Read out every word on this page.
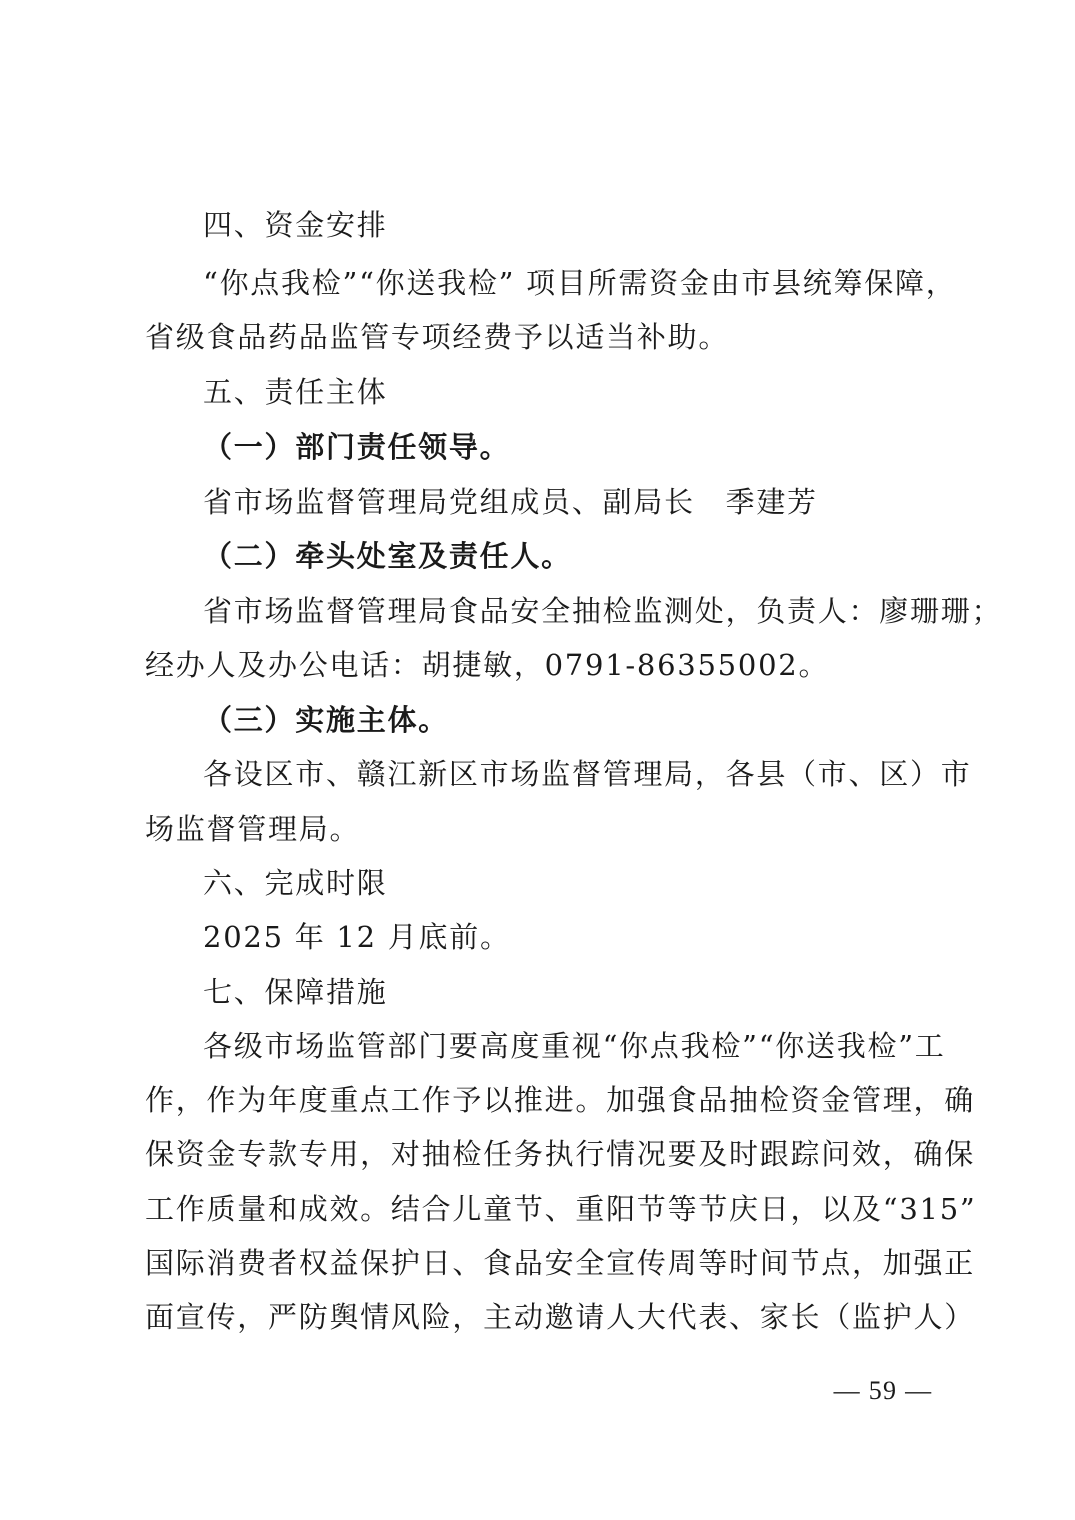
四、资金安排
“你点我检”“你送我检” 项目所需资金由市县统筹保障，
省级食品药品监管专项经费予以适当补助。
五、责任主体
（一）部门责任领导。
省市场监督管理局党组成员、副局长　季建芳
（二）牵头处室及责任人。
省市场监督管理局食品安全抽检监测处，负责人：廖珊珊；
经办人及办公电话：胡捷敏，0791-86355002。
（三）实施主体。
各设区市、赣江新区市场监督管理局，各县（市、区）市
场监督管理局。
六、完成时限
2025 年 12 月底前。
七、保障措施
各级市场监管部门要高度重视“你点我检”“你送我检”工
作，作为年度重点工作予以推进。加强食品抽检资金管理，确
保资金专款专用，对抽检任务执行情况要及时跟踪问效，确保
工作质量和成效。结合儿童节、重阳节等节庆日，以及“315”
国际消费者权益保护日、食品安全宣传周等时间节点，加强正
面宣传，严防舆情风险，主动邀请人大代表、家长（监护人）
— 59 —
